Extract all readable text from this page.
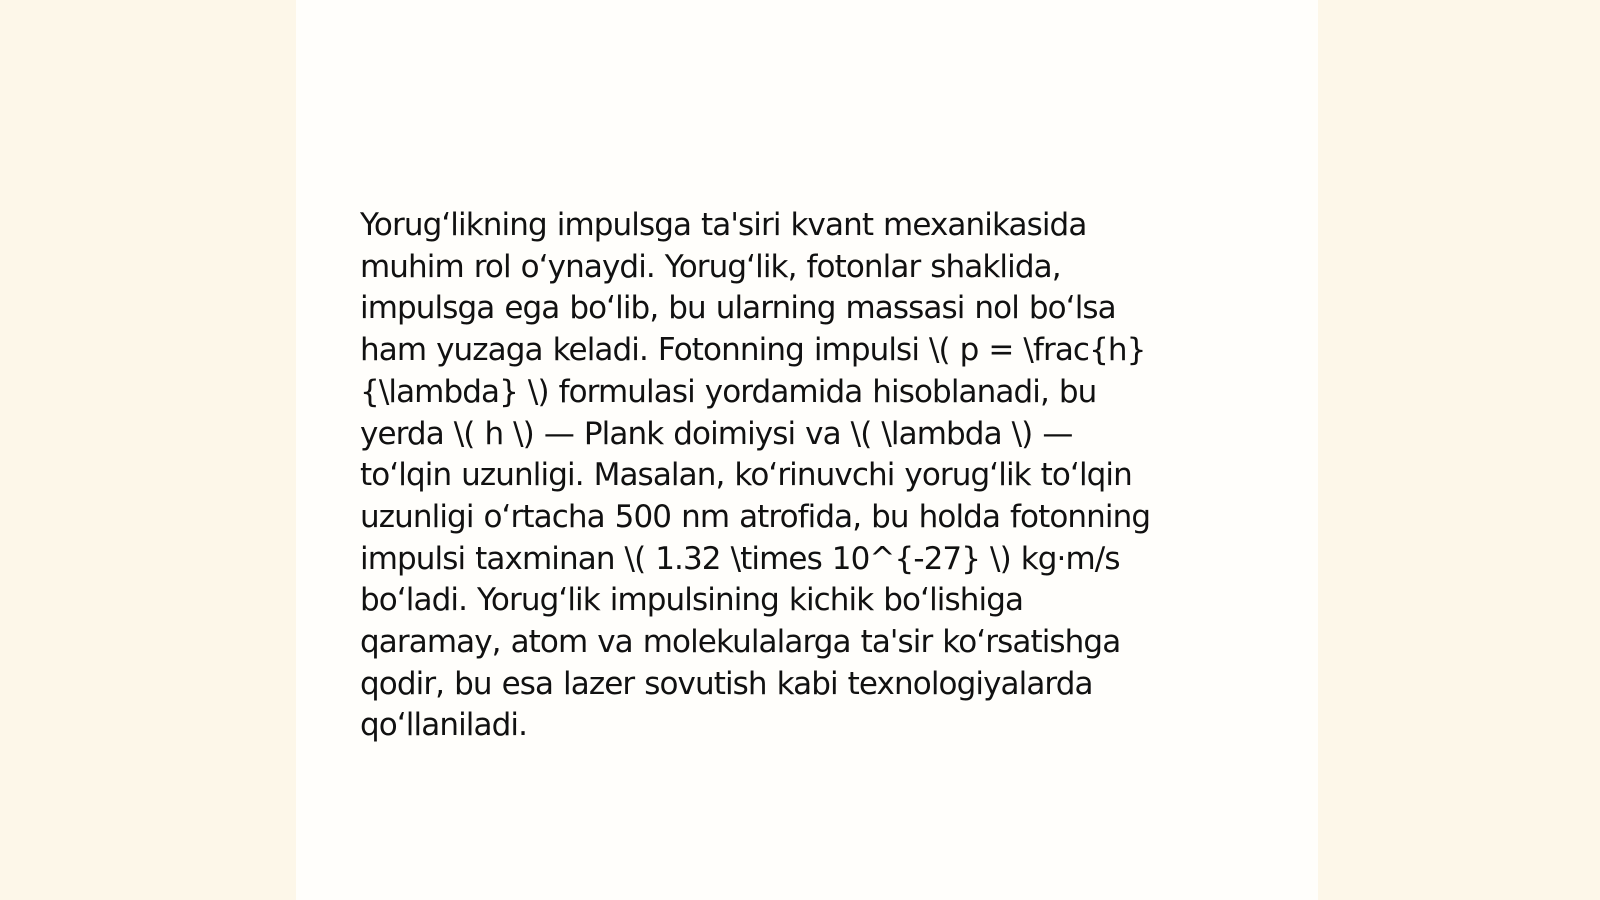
Yorug‘likning impulsga ta'siri kvant mexanikasida
muhim rol o‘ynaydi. Yorug‘lik, fotonlar shaklida,
impulsga ega bo‘lib, bu ularning massasi nol bo‘lsa
ham yuzaga keladi. Fotonning impulsi \( p = \frac{h}
{\lambda} \) formulasi yordamida hisoblanadi, bu
yerda \( h \) — Plank doimiysi va \( \lambda \) —
to‘lqin uzunligi. Masalan, ko‘rinuvchi yorug‘lik to‘lqin
uzunligi o‘rtacha 500 nm atrofida, bu holda fotonning
impulsi taxminan \( 1.32 \times 10^{-27} \) kg·m/s
bo‘ladi. Yorug‘lik impulsining kichik bo‘lishiga
qaramay, atom va molekulalarga ta'sir ko‘rsatishga
qodir, bu esa lazer sovutish kabi texnologiyalarda
qo‘llaniladi.
